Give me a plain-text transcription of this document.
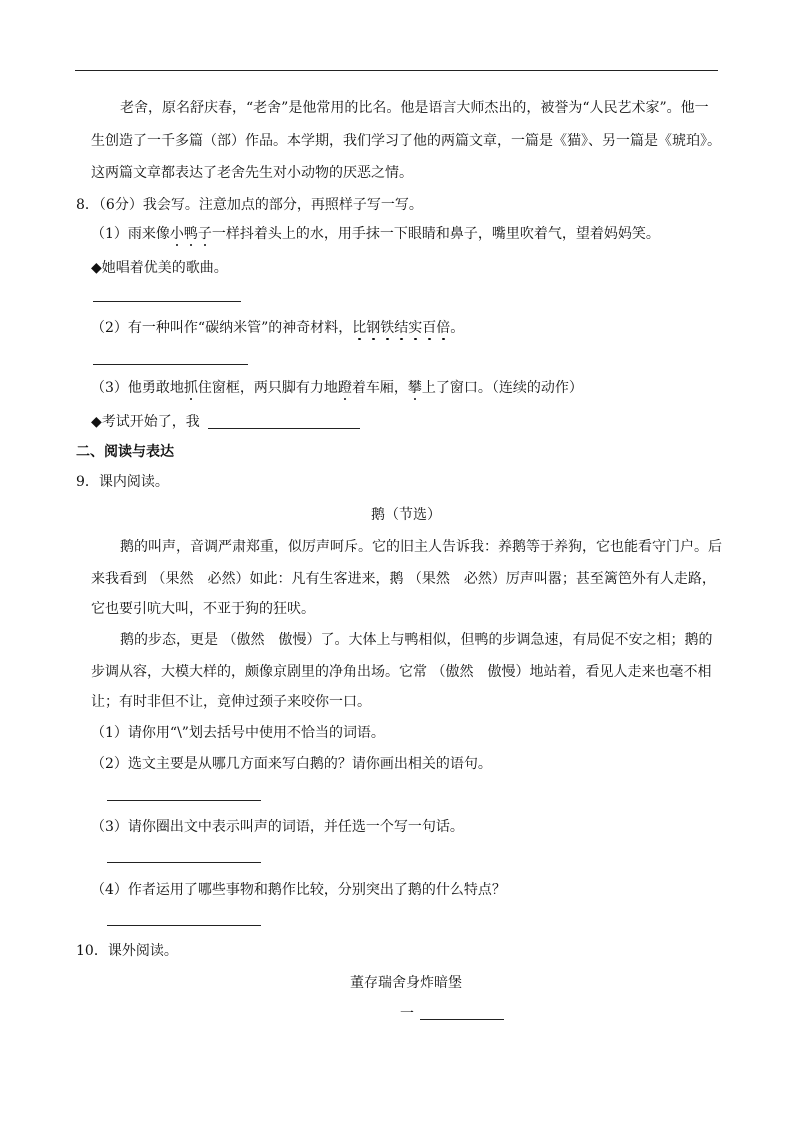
老舍，原名舒庆春，“老舍”是他常用的比名。他是语言大师杰出的，被誉为“人民艺术家”。他一
生创造了一千多篇（部）作品。本学期，我们学习了他的两篇文章，一篇是《猫》、另一篇是《琥珀》。
这两篇文章都表达了老舍先生对小动物的厌恶之情。
8．（6分）我会写。注意加点的部分，再照样子写一写。
（1）雨来像小鸭子一样抖着头上的水，用手抹一下眼睛和鼻子，嘴里吹着气，望着妈妈笑。
◆她唱着优美的歌曲。
（2）有一种叫作“碳纳米管”的神奇材料，比钢铁结实百倍。
（3）他勇敢地抓住窗框，两只脚有力地蹬着车厢，攀上了窗口。（连续的动作）
◆考试开始了，我
二、阅读与表达
9．课内阅读。
鹅（节选）
鹅的叫声，音调严肃郑重，似厉声呵斥。它的旧主人告诉我：养鹅等于养狗，它也能看守门户。后
来我看到 （果然　必然）如此：凡有生客进来，鹅 （果然　必然）厉声叫嚣；甚至篱笆外有人走路，
它也要引吭大叫，不亚于狗的狂吠。
鹅的步态，更是 （傲然　傲慢）了。大体上与鸭相似，但鸭的步调急速，有局促不安之相；鹅的
步调从容，大模大样的，颇像京剧里的净角出场。它常 （傲然　傲慢）地站着，看见人走来也毫不相
让；有时非但不让，竟伸过颈子来咬你一口。
（1）请你用“\”划去括号中使用不恰当的词语。
（2）选文主要是从哪几方面来写白鹅的？请你画出相关的语句。
（3）请你圈出文中表示叫声的词语，并任选一个写一句话。
（4）作者运用了哪些事物和鹅作比较，分别突出了鹅的什么特点？
10．课外阅读。
董存瑞舍身炸暗堡
一
